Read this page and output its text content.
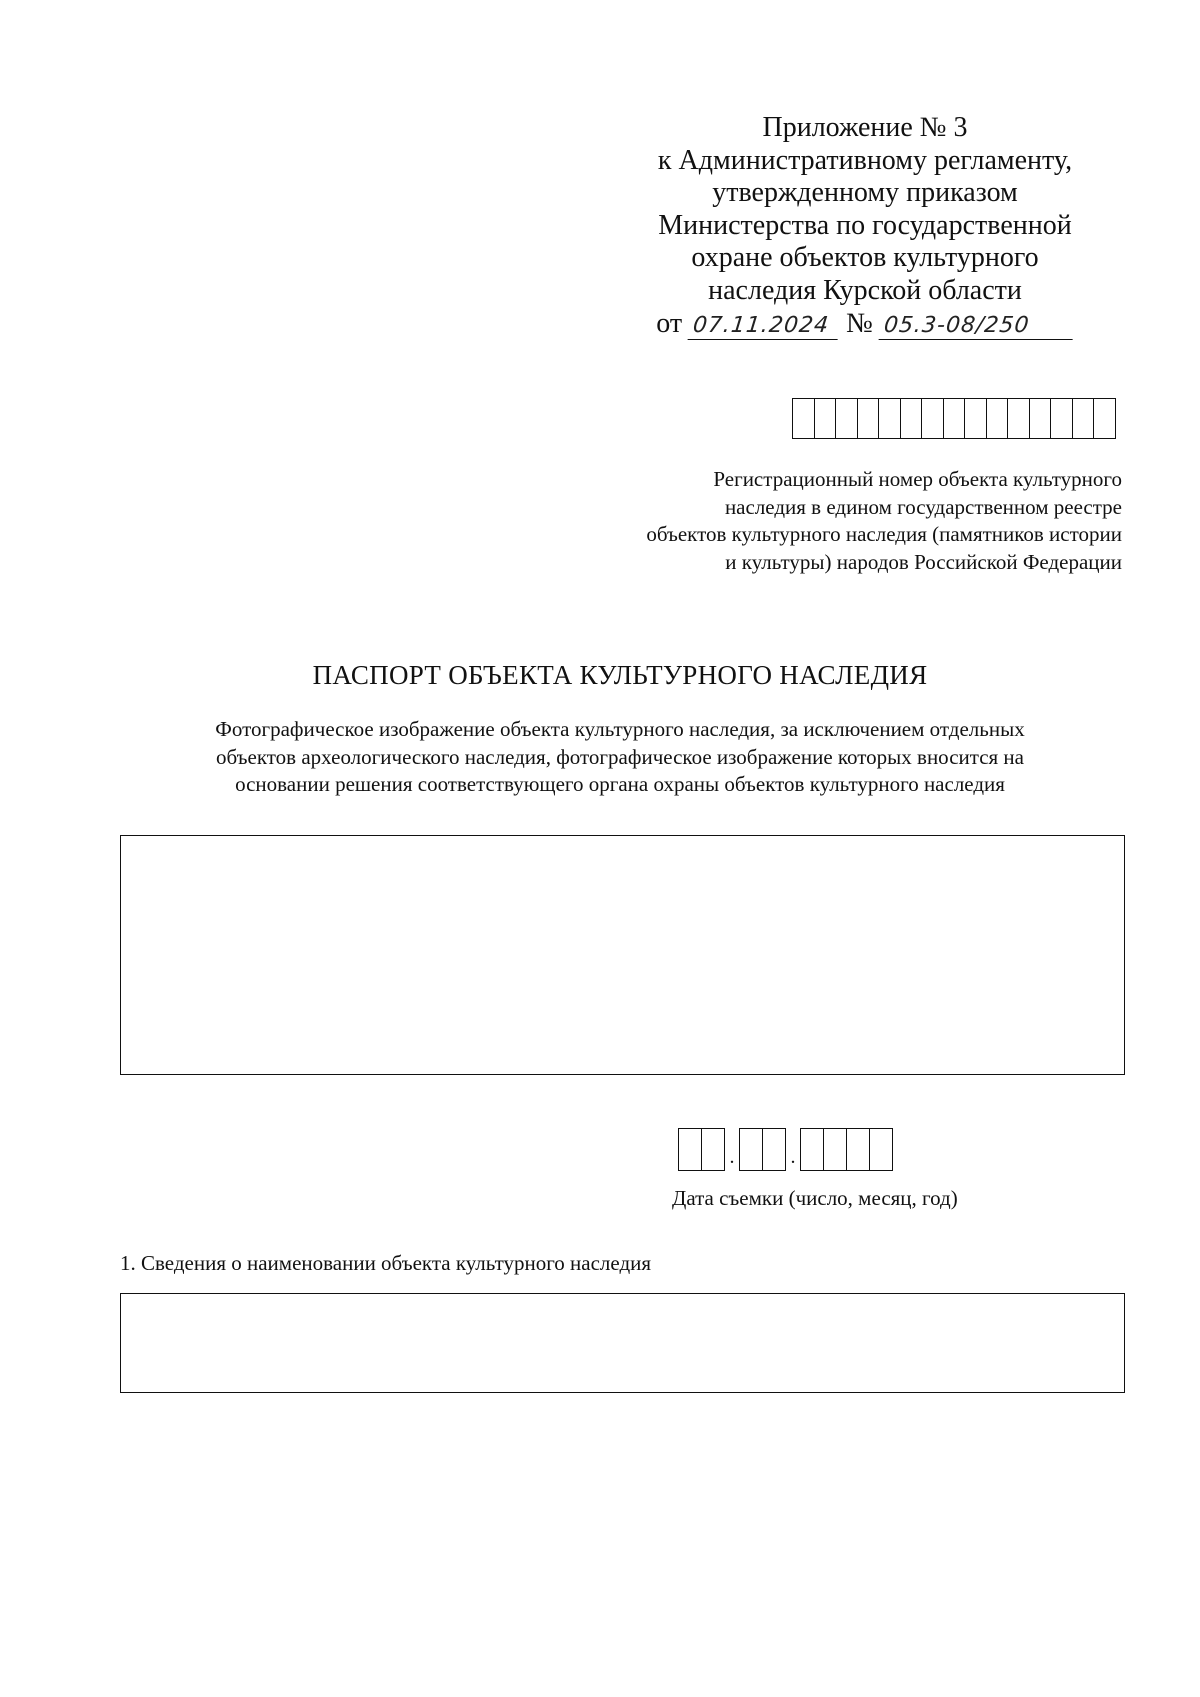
Приложение № 3
к Административному регламенту,
утвержденному приказом
Министерства по государственной
охране объектов культурного
наследия Курской области
от 07.11.2024 № 05.3-08/250
Регистрационный номер объекта культурного
наследия в едином государственном реестре
объектов культурного наследия (памятников истории
и культуры) народов Российской Федерации
ПАСПОРТ ОБЪЕКТА КУЛЬТУРНОГО НАСЛЕДИЯ
Фотографическое изображение объекта культурного наследия, за исключением отдельных
объектов археологического наследия, фотографическое изображение которых вносится на
основании решения соответствующего органа охраны объектов культурного наследия
.	.
Дата съемки (число, месяц, год)
1. Сведения о наименовании объекта культурного наследия
